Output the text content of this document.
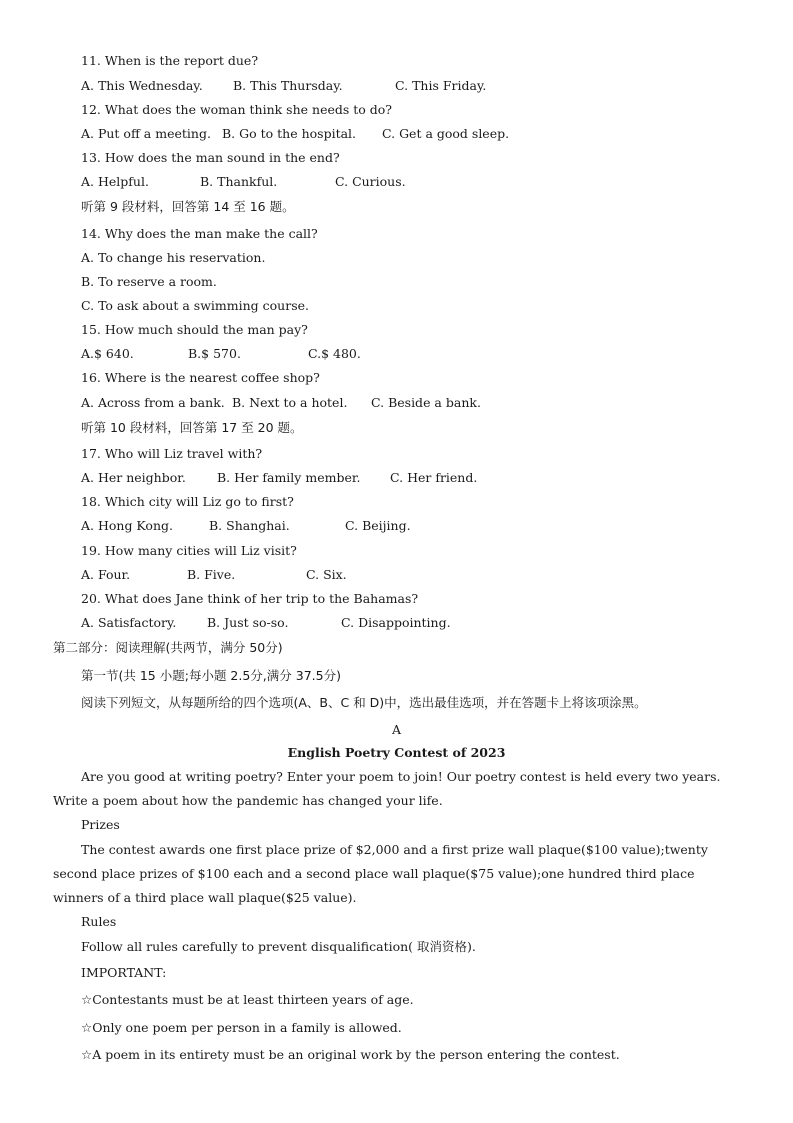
11. When is the report due?
A. This Wednesday. B. This Thursday.	C. This Friday.
12. What does the woman think she needs to do?
A. Put off a meeting. B. Go to the hospital. C. Get a good sleep.
13. How does the man sound in the end?
A. Helpful.	B. Thankful.	C. Curious.
听第 9 段材料，回答第 14 至 16 题。
14. Why does the man make the call?
A. To change his reservation.
B. To reserve a room.
C. To ask about a swimming course.
15. How much should the man pay?
A.$ 640.	B.$ 570.	C.$ 480.
16. Where is the nearest coffee shop?
A. Across from a bank. B. Next to a hotel. C. Beside a bank.
听第 10 段材料，回答第 17 至 20 题。
17. Who will Liz travel with?
A. Her neighbor. B. Her family member. C. Her friend.
18. Which city will Liz go to first?
A. Hong Kong.	B. Shanghai.	C. Beijing.
19. How many cities will Liz visit?
A. Four.	B. Five.	C. Six.
20. What does Jane think of her trip to the Bahamas?
A. Satisfactory. B. Just so-so.	C. Disappointing.
第二部分：阅读理解(共两节，满分 50分)
第一节(共 15 小题;每小题 2.5分,满分 37.5分)
阅读下列短文，从每题所给的四个选项(A、B、C 和 D)中，选出最佳选项，并在答题卡上将该项涂黑。
A
English Poetry Contest of 2023
Are you good at writing poetry? Enter your poem to join! Our poetry contest is held every two years. Write a poem about how the pandemic has changed your life.
Prizes
The contest awards one first place prize of $2,000 and a first prize wall plaque($100 value);twenty second place prizes of $100 each and a second place wall plaque($75 value);one hundred third place winners of a third place wall plaque($25 value).
Rules
Follow all rules carefully to prevent disqualification( 取消资格).
IMPORTANT:
☆Contestants must be at least thirteen years of age.
☆Only one poem per person in a family is allowed.
☆A poem in its entirety must be an original work by the person entering the contest.
